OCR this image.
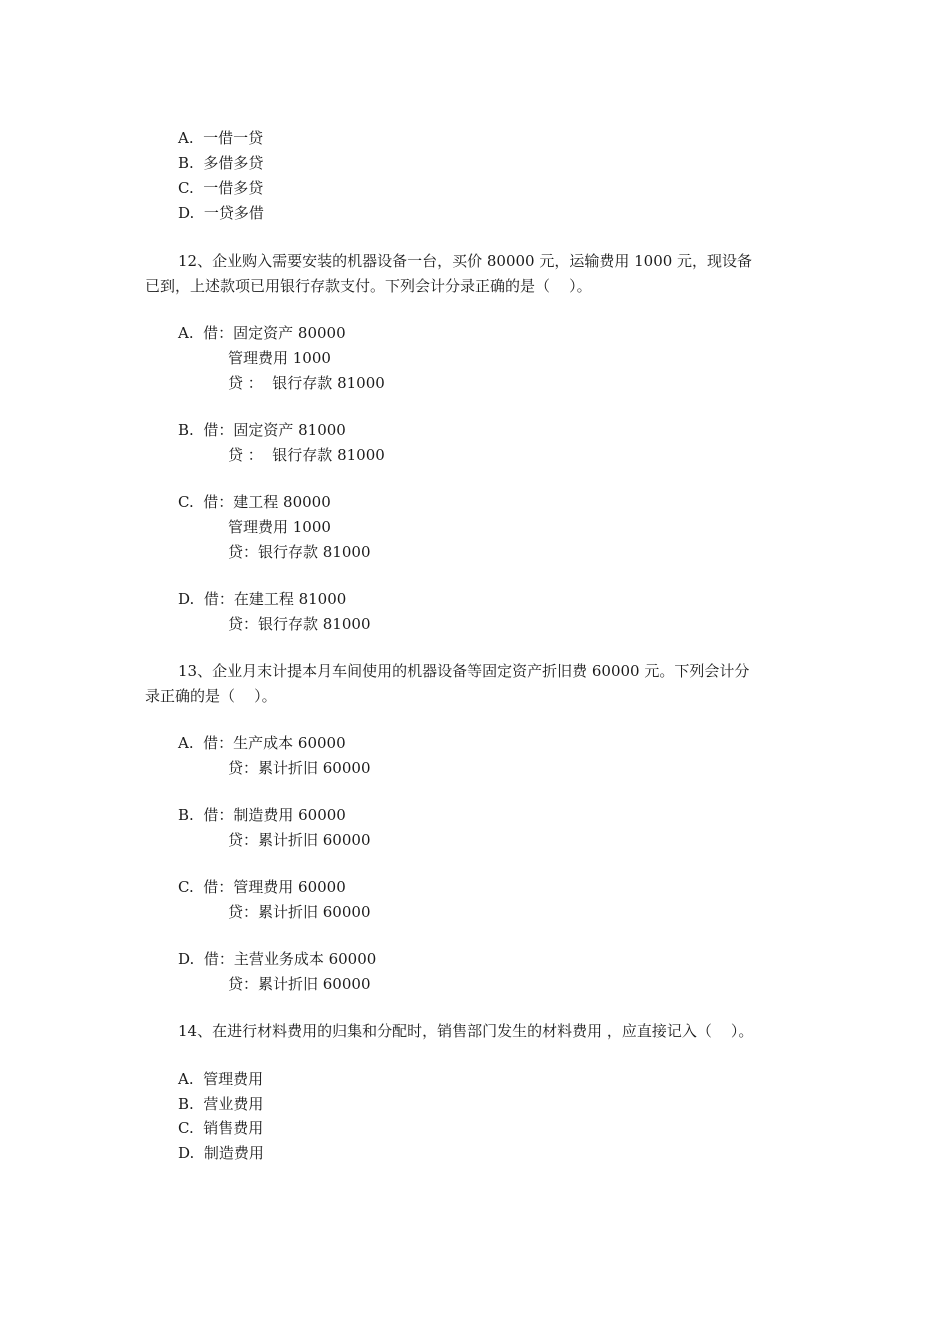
A. 一借一贷
B. 多借多贷
C. 一借多贷
D. 一贷多借
12、企业购入需要安装的机器设备一台，买价 80000 元，运输费用 1000 元，现设备
已到，上述款项已用银行存款支付。下列会计分录正确的是（    ）。
A. 借：固定资产 80000
管理费用 1000
贷 ：  银行存款 81000
B. 借：固定资产 81000
贷 ：  银行存款 81000
C. 借：建工程 80000
管理费用 1000
贷：银行存款 81000
D. 借：在建工程 81000
贷：银行存款 81000
13、企业月末计提本月车间使用的机器设备等固定资产折旧费 60000 元。下列会计分
录正确的是（    ）。
A. 借：生产成本 60000
贷：累计折旧 60000
B. 借：制造费用 60000
贷：累计折旧 60000
C. 借：管理费用 60000
贷：累计折旧 60000
D. 借：主营业务成本 60000
贷：累计折旧 60000
14、在进行材料费用的归集和分配时，销售部门发生的材料费用 ，应直接记入（    ）。
A. 管理费用
B. 营业费用
C. 销售费用
D. 制造费用
